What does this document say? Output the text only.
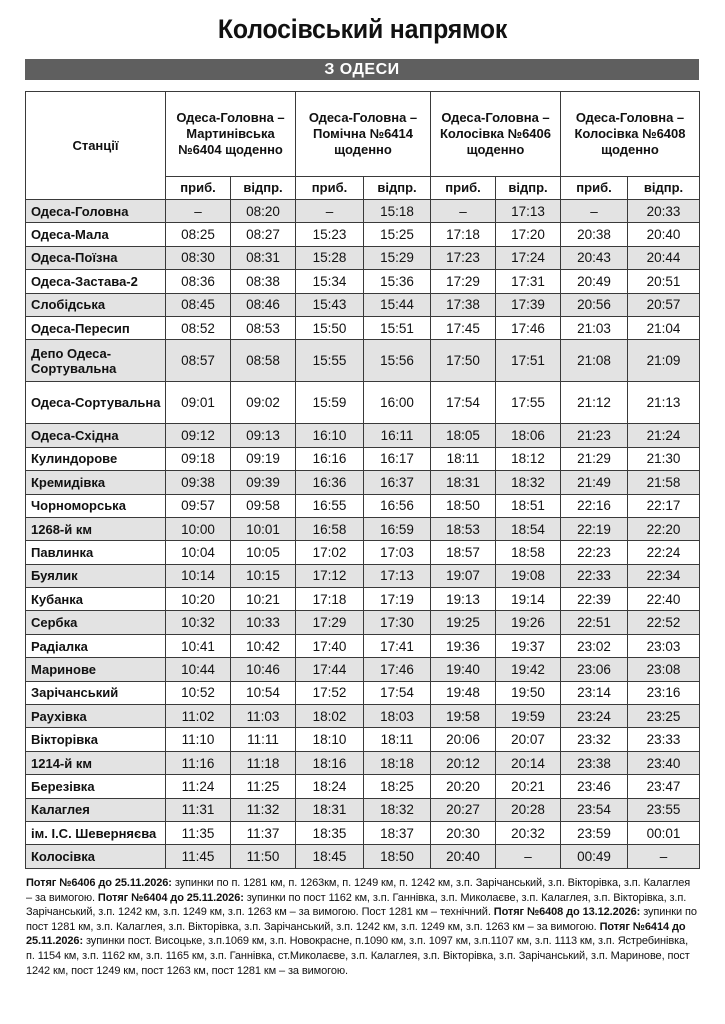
Колосівський напрямок
З ОДЕСИ
Станції	Одеса-Головна – Мартинівська №6404 щоденно		Одеса-Головна – Помічна №6414 щоденно		Одеса-Головна – Колосівка №6406 щоденно		Одеса-Головна – Колосівка №6408 щоденно	
	приб.	відпр.	приб.	відпр.	приб.	відпр.	приб.	відпр.
Одеса-Головна	–	08:20	–	15:18	–	17:13	–	20:33
Одеса-Мала	08:25	08:27	15:23	15:25	17:18	17:20	20:38	20:40
Одеса-Поїзна	08:30	08:31	15:28	15:29	17:23	17:24	20:43	20:44
Одеса-Застава-2	08:36	08:38	15:34	15:36	17:29	17:31	20:49	20:51
Слобідська	08:45	08:46	15:43	15:44	17:38	17:39	20:56	20:57
Одеса-Пересип	08:52	08:53	15:50	15:51	17:45	17:46	21:03	21:04
Депо Одеса-Сортувальна	08:57	08:58	15:55	15:56	17:50	17:51	21:08	21:09
Одеса-Сортувальна	09:01	09:02	15:59	16:00	17:54	17:55	21:12	21:13
Одеса-Східна	09:12	09:13	16:10	16:11	18:05	18:06	21:23	21:24
Кулиндорове	09:18	09:19	16:16	16:17	18:11	18:12	21:29	21:30
Кремидівка	09:38	09:39	16:36	16:37	18:31	18:32	21:49	21:58
Чорноморська	09:57	09:58	16:55	16:56	18:50	18:51	22:16	22:17
1268-й км	10:00	10:01	16:58	16:59	18:53	18:54	22:19	22:20
Павлинка	10:04	10:05	17:02	17:03	18:57	18:58	22:23	22:24
Буялик	10:14	10:15	17:12	17:13	19:07	19:08	22:33	22:34
Кубанка	10:20	10:21	17:18	17:19	19:13	19:14	22:39	22:40
Сербка	10:32	10:33	17:29	17:30	19:25	19:26	22:51	22:52
Радіалка	10:41	10:42	17:40	17:41	19:36	19:37	23:02	23:03
Маринове	10:44	10:46	17:44	17:46	19:40	19:42	23:06	23:08
Зарічанський	10:52	10:54	17:52	17:54	19:48	19:50	23:14	23:16
Раухівка	11:02	11:03	18:02	18:03	19:58	19:59	23:24	23:25
Вікторівка	11:10	11:11	18:10	18:11	20:06	20:07	23:32	23:33
1214-й км	11:16	11:18	18:16	18:18	20:12	20:14	23:38	23:40
Березівка	11:24	11:25	18:24	18:25	20:20	20:21	23:46	23:47
Калаглея	11:31	11:32	18:31	18:32	20:27	20:28	23:54	23:55
ім. І.С. Шеверняєва	11:35	11:37	18:35	18:37	20:30	20:32	23:59	00:01
Колосівка	11:45	11:50	18:45	18:50	20:40	–	00:49	–
Потяг №6406 до 25.11.2026: зупинки по п. 1281 км, п. 1263км, п. 1249 км, п. 1242 км, з.п. Зарічанський, з.п. Вікторівка, з.п. Калаглея – за вимогою. Потяг №6404 до 25.11.2026: зупинки по пост 1162 км, з.п. Ганнівка, з.п. Миколаєве, з.п. Калаглея, з.п. Вікторівка, з.п. Зарічанський, з.п. 1242 км, з.п. 1249 км, з.п. 1263 км – за вимогою. Пост 1281 км – технічний. Потяг №6408 до 13.12.2026: зупинки по пост 1281 км, з.п. Калаглея, з.п. Вікторівка, з.п. Зарічанський, з.п. 1242 км, з.п. 1249 км, з.п. 1263 км – за вимогою. Потяг №6414 до 25.11.2026: зупинки пост. Висоцьке, з.п.1069 км, з.п. Новокрасне, п.1090 км, з.п. 1097 км, з.п.1107 км, з.п. 1113 км, з.п. Ястребинівка, п. 1154 км, з.п. 1162 км, з.п. 1165 км, з.п. Ганнівка, ст.Миколаєве, з.п. Калаглея, з.п. Вікторівка, з.п. Зарічанський, з.п. Маринове, пост 1242 км, пост 1249 км, пост 1263 км, пост 1281 км – за вимогою.
